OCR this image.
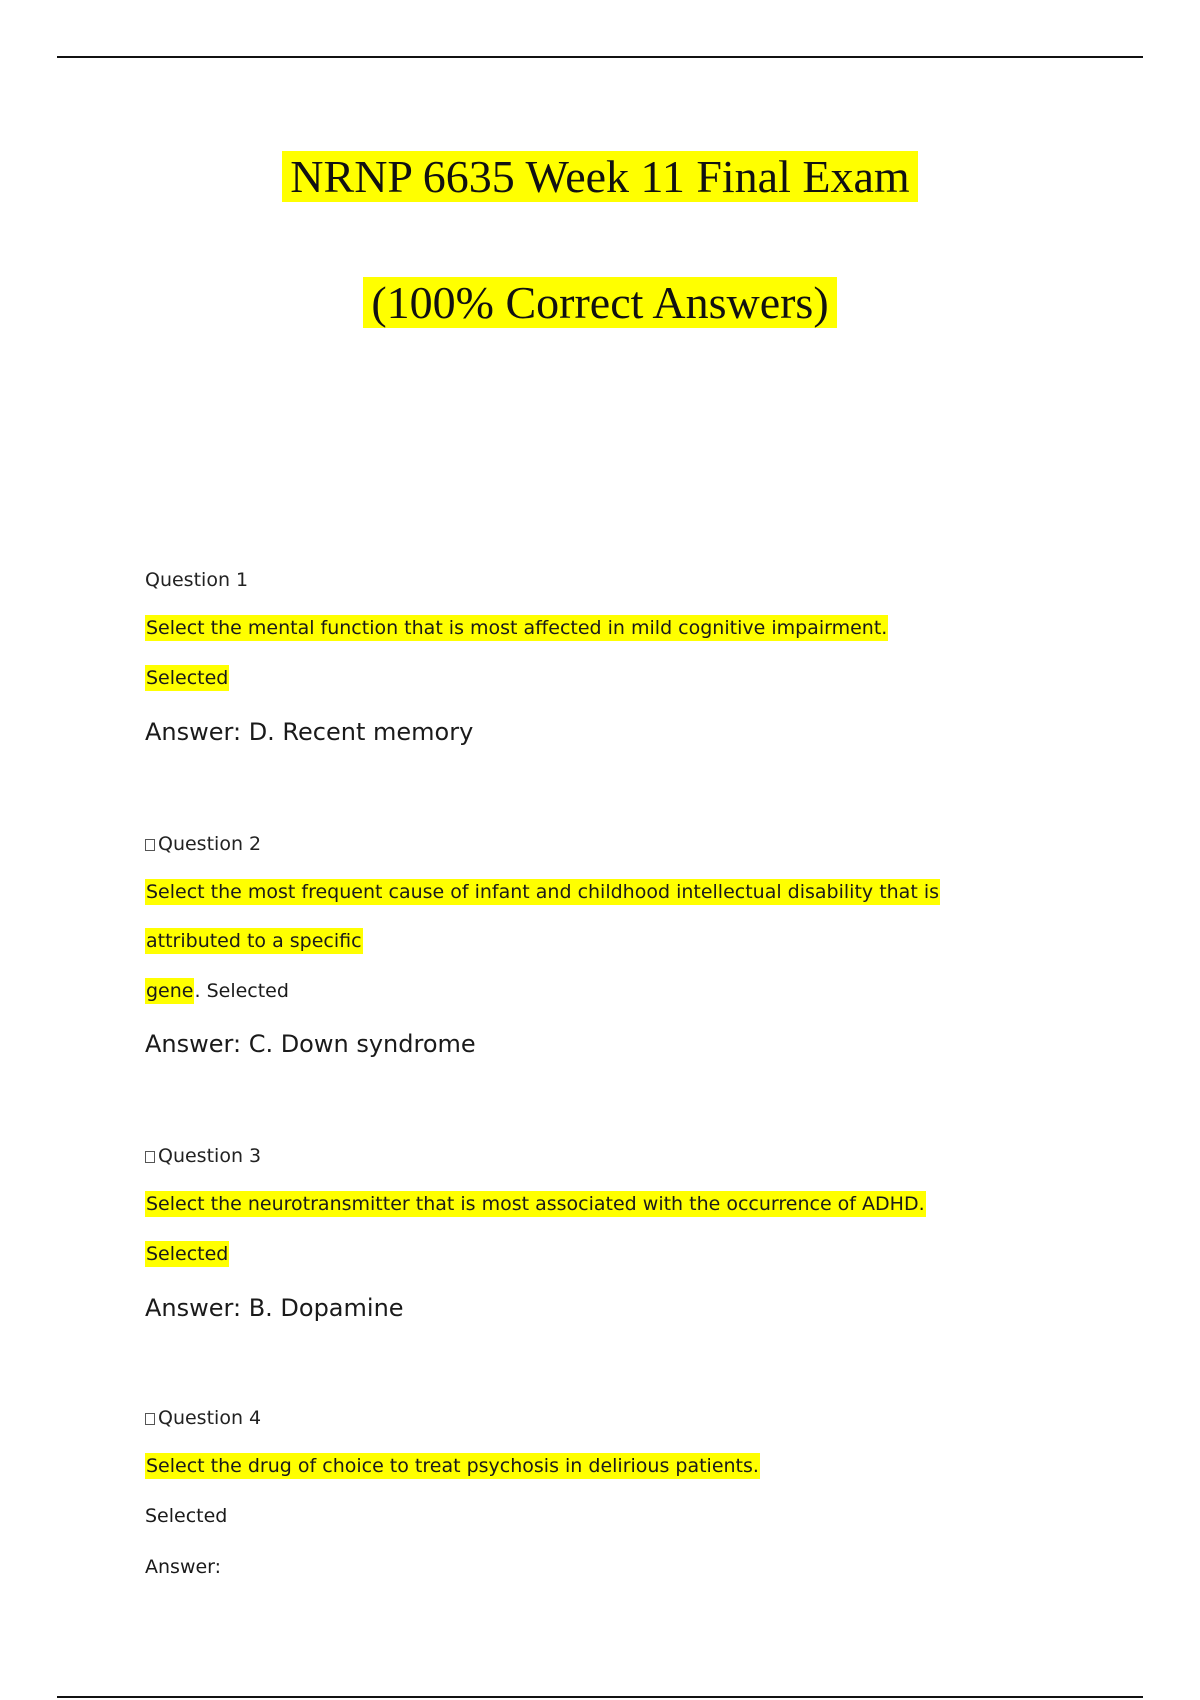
NRNP 6635 Week 11 Final Exam
(100% Correct Answers)
Question 1
Select the mental function that is most affected in mild cognitive impairment.
Selected
Answer: D. Recent memory
Question 2
Select the most frequent cause of infant and childhood intellectual disability that is
attributed to a specific
gene. Selected
Answer: C. Down syndrome
Question 3
Select the neurotransmitter that is most associated with the occurrence of ADHD.
Selected
Answer: B. Dopamine
Question 4
Select the drug of choice to treat psychosis in delirious patients.
Selected
Answer:
